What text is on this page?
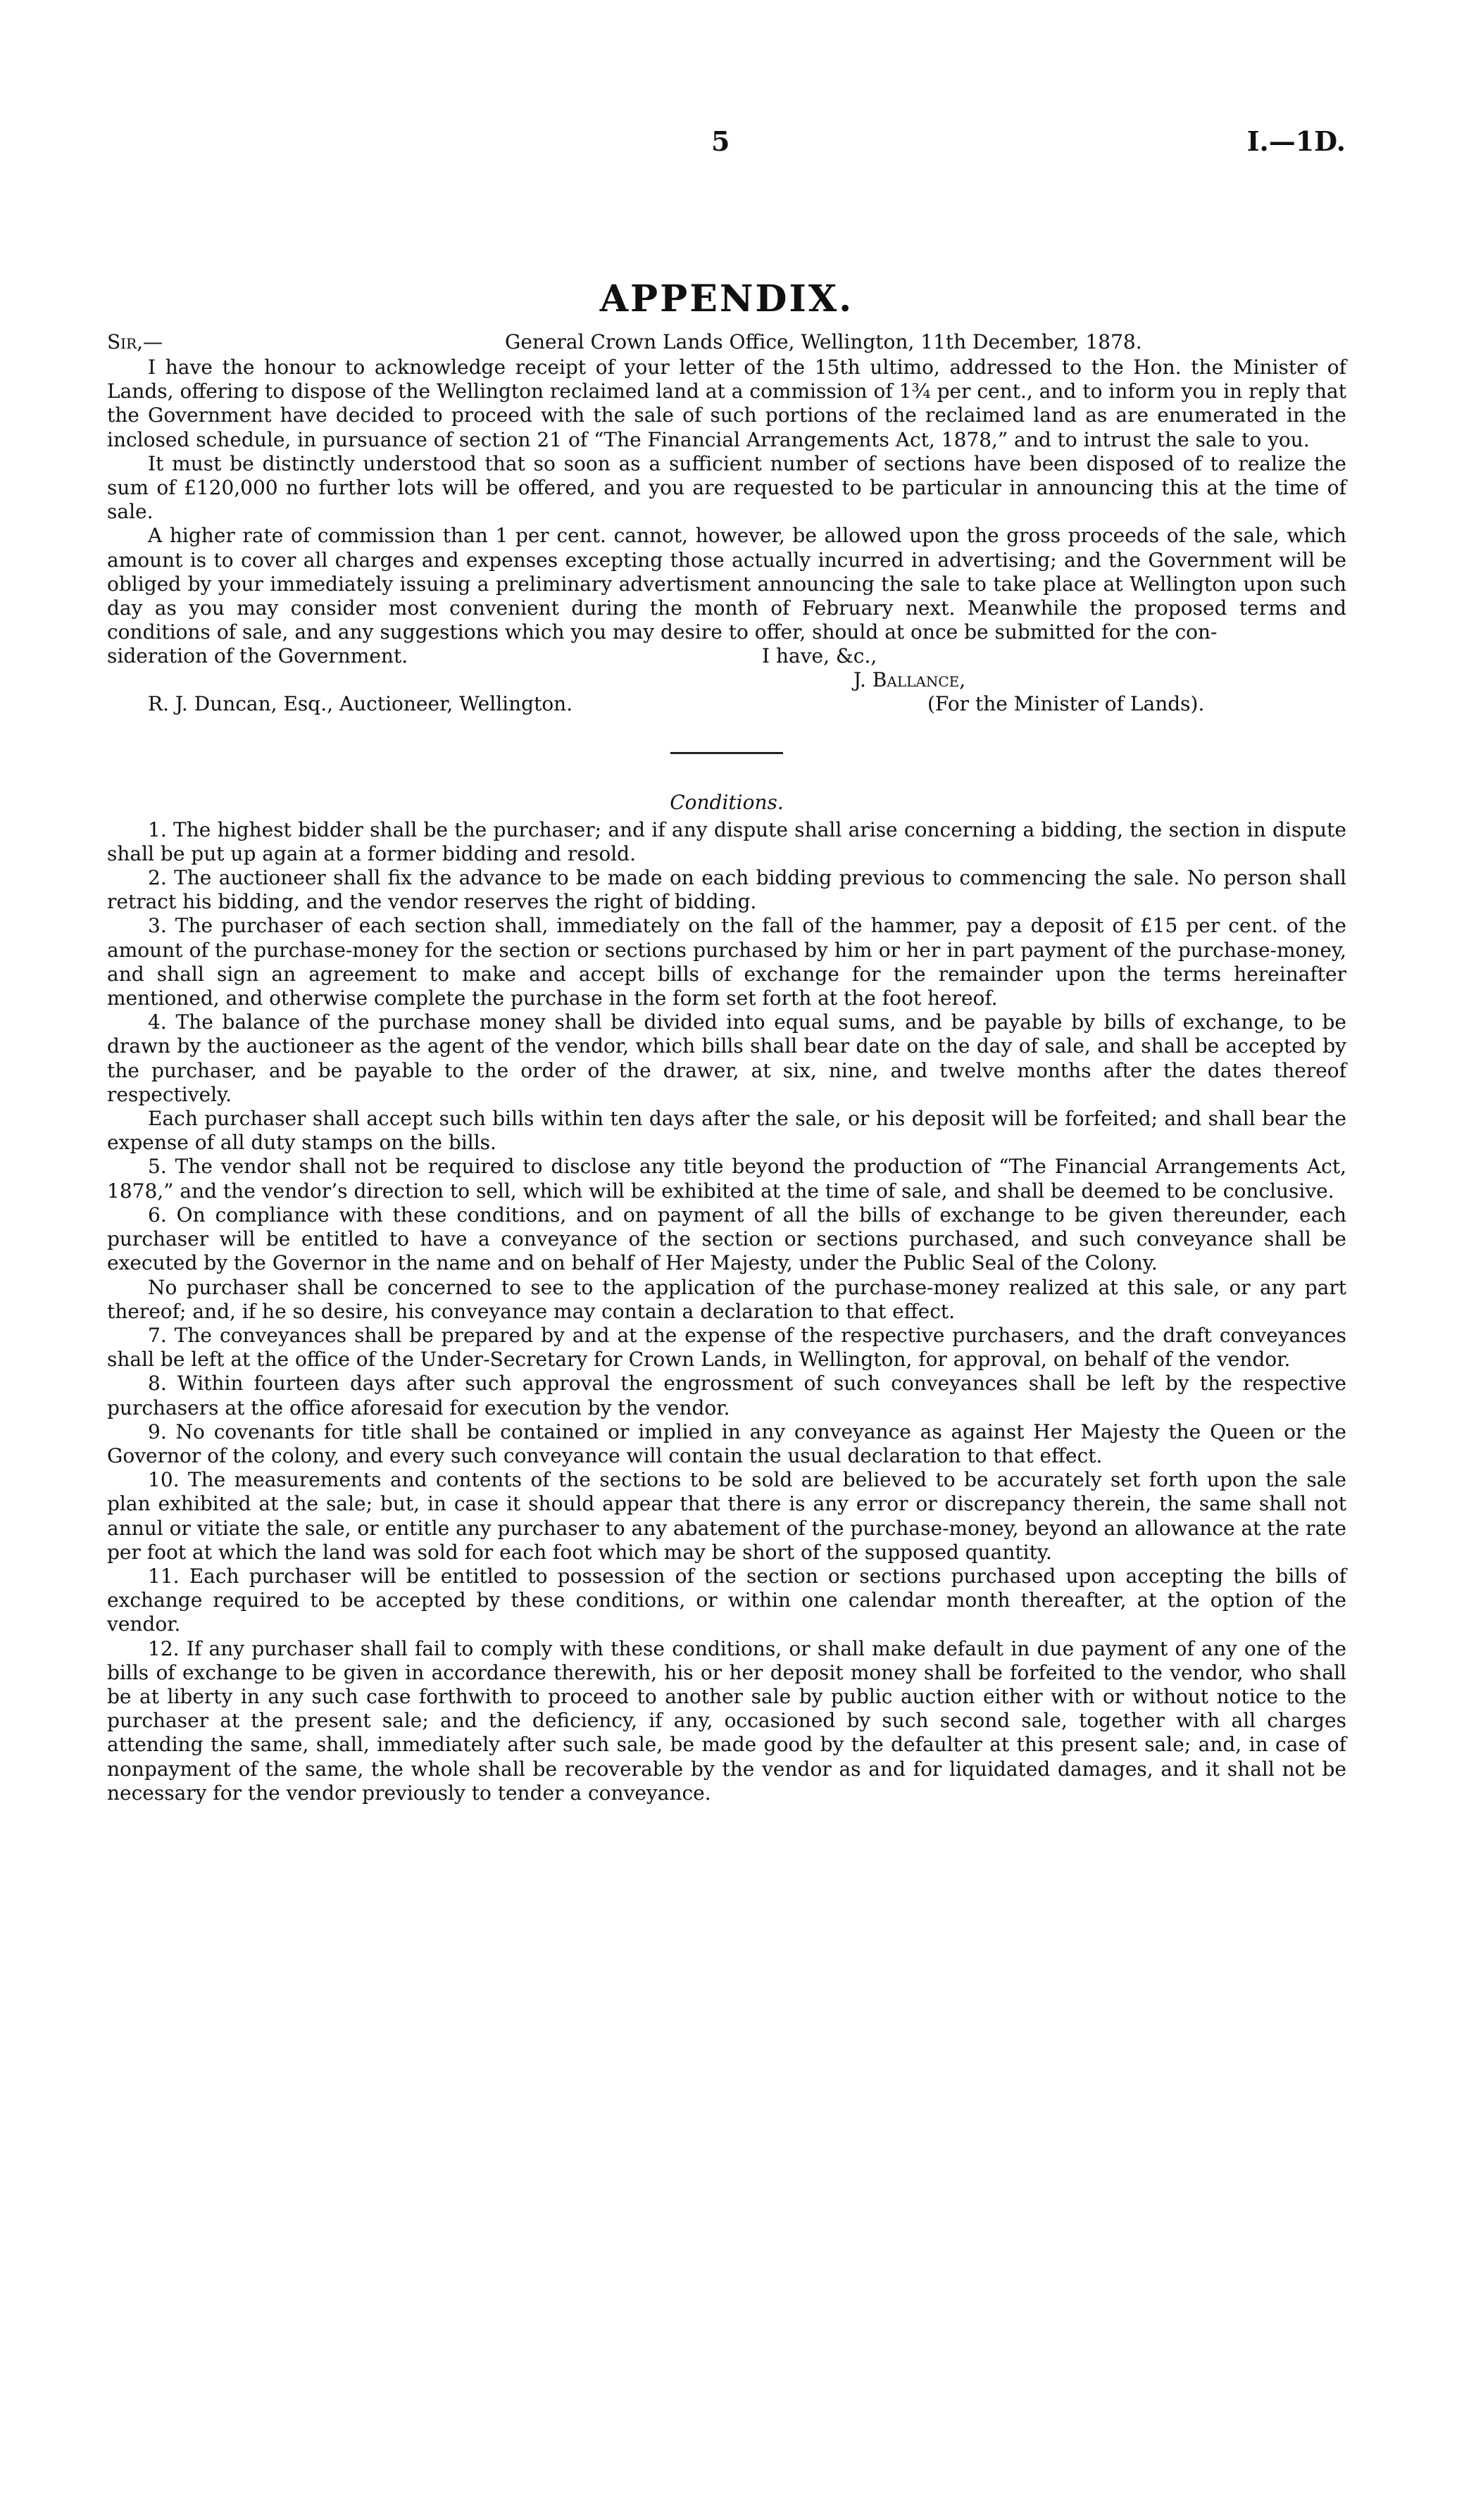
5	I.—1D.
APPENDIX.
Sir,—	General Crown Lands Office, Wellington, 11th December, 1878.

I have the honour to acknowledge receipt of your letter of the 15th ultimo, addressed to the Hon. the Minister of Lands, offering to dispose of the Wellington reclaimed land at a commission of 1¾ per cent., and to inform you in reply that the Government have decided to proceed with the sale of such portions of the reclaimed land as are enumerated in the inclosed schedule, in pursuance of section 21 of “The Financial Arrangements Act, 1878,” and to intrust the sale to you.

It must be distinctly understood that so soon as a sufficient number of sections have been disposed of to realize the sum of £120,000 no further lots will be offered, and you are requested to be particular in announcing this at the time of sale.

A higher rate of commission than 1 per cent. cannot, however, be allowed upon the gross proceeds of the sale, which amount is to cover all charges and expenses excepting those actually incurred in advertising; and the Government will be obliged by your immediately issuing a preliminary advertisment announcing the sale to take place at Wellington upon such day as you may consider most convenient during the month of February next. Meanwhile the proposed terms and conditions of sale, and any suggestions which you may desire to offer, should at once be submitted for the con-

sideration of the Government.	I have, &c.,
J. Ballance,
R. J. Duncan, Esq., Auctioneer, Wellington.	(For the Minister of Lands).

Conditions.

1. The highest bidder shall be the purchaser; and if any dispute shall arise concerning a bidding, the section in dispute shall be put up again at a former bidding and resold.

2. The auctioneer shall fix the advance to be made on each bidding previous to commencing the sale. No person shall retract his bidding, and the vendor reserves the right of bidding.

3. The purchaser of each section shall, immediately on the fall of the hammer, pay a deposit of £15 per cent. of the amount of the purchase-money for the section or sections purchased by him or her in part payment of the purchase-money, and shall sign an agreement to make and accept bills of exchange for the remainder upon the terms hereinafter mentioned, and otherwise complete the purchase in the form set forth at the foot hereof.

4. The balance of the purchase money shall be divided into equal sums, and be payable by bills of exchange, to be drawn by the auctioneer as the agent of the vendor, which bills shall bear date on the day of sale, and shall be accepted by the purchaser, and be payable to the order of the drawer, at six, nine, and twelve months after the dates thereof respectively.

Each purchaser shall accept such bills within ten days after the sale, or his deposit will be forfeited; and shall bear the expense of all duty stamps on the bills.

5. The vendor shall not be required to disclose any title beyond the production of “The Financial Arrangements Act, 1878,” and the vendor’s direction to sell, which will be exhibited at the time of sale, and shall be deemed to be conclusive.

6. On compliance with these conditions, and on payment of all the bills of exchange to be given thereunder, each purchaser will be entitled to have a conveyance of the section or sections purchased, and such conveyance shall be executed by the Governor in the name and on behalf of Her Majesty, under the Public Seal of the Colony.

No purchaser shall be concerned to see to the application of the purchase-money realized at this sale, or any part thereof; and, if he so desire, his conveyance may contain a declaration to that effect.

7. The conveyances shall be prepared by and at the expense of the respective purchasers, and the draft conveyances shall be left at the office of the Under-Secretary for Crown Lands, in Wellington, for approval, on behalf of the vendor.

8. Within fourteen days after such approval the engrossment of such conveyances shall be left by the respective purchasers at the office aforesaid for execution by the vendor.

9. No covenants for title shall be contained or implied in any conveyance as against Her Majesty the Queen or the Governor of the colony, and every such conveyance will contain the usual declaration to that effect.

10. The measurements and contents of the sections to be sold are believed to be accurately set forth upon the sale plan exhibited at the sale; but, in case it should appear that there is any error or discrepancy therein, the same shall not annul or vitiate the sale, or entitle any purchaser to any abatement of the purchase-money, beyond an allowance at the rate per foot at which the land was sold for each foot which may be short of the supposed quantity.

11. Each purchaser will be entitled to possession of the section or sections purchased upon accepting the bills of exchange required to be accepted by these conditions, or within one calendar month thereafter, at the option of the vendor.

12. If any purchaser shall fail to comply with these conditions, or shall make default in due payment of any one of the bills of exchange to be given in accordance therewith, his or her deposit money shall be forfeited to the vendor, who shall be at liberty in any such case forthwith to proceed to another sale by public auction either with or without notice to the purchaser at the present sale; and the deficiency, if any, occasioned by such second sale, together with all charges attending the same, shall, immediately after such sale, be made good by the defaulter at this present sale; and, in case of nonpayment of the same, the whole shall be recoverable by the vendor as and for liquidated damages, and it shall not be necessary for the vendor previously to tender a conveyance.
